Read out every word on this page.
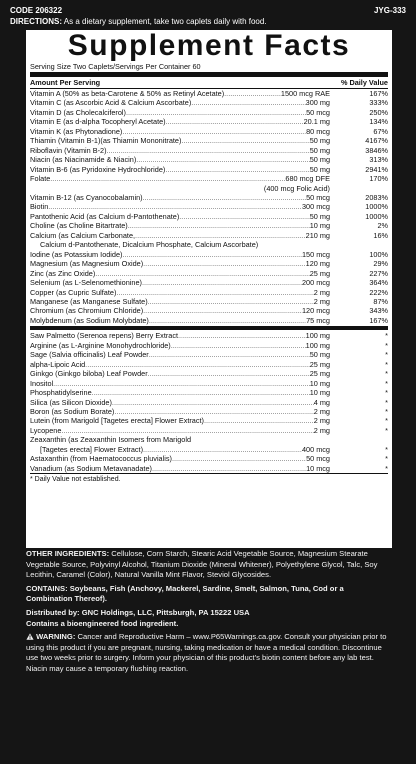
CODE 206322	JYG-333
DIRECTIONS: As a dietary supplement, take two caplets daily with food.
Supplement Facts
Serving Size Two Caplets/Servings Per Container 60
Amount Per Serving	% Daily Value
Vitamin A (50% as beta-Carotene & 50% as Retinyl Acetate) .....	1500 mcg RAE	167%
Vitamin C (as Ascorbic Acid & Calcium Ascorbate) .....	300 mg	333%
Vitamin D (as Cholecalciferol) .....	50 mcg	250%
Vitamin E (as d-alpha Tocopheryl Acetate) .....	20.1 mg	134%
Vitamin K (as Phytonadione) .....	80 mcg	67%
Thiamin (Vitamin B-1)(as Thiamin Mononitrate) .....	50 mg	4167%
Riboflavin (Vitamin B-2) .....	50 mg	3846%
Niacin (as Niacinamide & Niacin) .....	50 mg	313%
Vitamin B-6 (as Pyridoxine Hydrochloride) .....	50 mg	2941%
Folate .....	680 mcg DFE	170%
(400 mcg Folic Acid)
Vitamin B-12 (as Cyanocobalamin) .....	50 mcg	2083%
Biotin .....	300 mcg	1000%
Pantothenic Acid (as Calcium d-Pantothenate) .....	50 mg	1000%
Choline (as Choline Bitartrate) .....	10 mg	2%
Calcium (as Calcium Carbonate, .....	210 mg	16%
Calcium d-Pantothenate, Dicalcium Phosphate, Calcium Ascorbate)
Iodine (as Potassium Iodide) .....	150 mcg	100%
Magnesium (as Magnesium Oxide) .....	120 mg	29%
Zinc (as Zinc Oxide) .....	25 mg	227%
Selenium (as L-Selenomethionine) .....	200 mcg	364%
Copper (as Cupric Sulfate) .....	2 mg	222%
Manganese (as Manganese Sulfate) .....	2 mg	87%
Chromium (as Chromium Chloride) .....	120 mcg	343%
Molybdenum (as Sodium Molybdate) .....	75 mcg	167%
Saw Palmetto (Serenoa repens) Berry Extract .....	100 mg	*
Arginine (as L-Arginine Monohydrochloride) .....	100 mg	*
Sage (Salvia officinalis) Leaf Powder .....	50 mg	*
alpha-Lipoic Acid .....	25 mg	*
Ginkgo (Ginkgo biloba) Leaf Powder .....	25 mg	*
Inositol .....	10 mg	*
Phosphatidylserine .....	10 mg	*
Silica (as Silicon Dioxide) .....	4 mg	*
Boron (as Sodium Borate) .....	2 mg	*
Lutein (from Marigold [Tagetes erecta] Flower Extract) .....	2 mg	*
Lycopene .....	2 mg	*
Zeaxanthin (as Zeaxanthin Isomers from Marigold
[Tagetes erecta] Flower Extract) .....	400 mcg	*
Astaxanthin (from Haematococcus pluvialis) .....	50 mcg	*
Vanadium (as Sodium Metavanadate) .....	10 mcg	*
* Daily Value not established.

OTHER INGREDIENTS: Cellulose, Corn Starch, Stearic Acid Vegetable Source, Magnesium Stearate Vegetable Source, Polyvinyl Alcohol, Titanium Dioxide (Mineral Whitener), Polyethylene Glycol, Talc, Soy Lecithin, Caramel (Color), Natural Vanilla Mint Flavor, Steviol Glycosides.

CONTAINS: Soybeans, Fish (Anchovy, Mackerel, Sardine, Smelt, Salmon, Tuna, Cod or a Combination Thereof).

Distributed by: GNC Holdings, LLC, Pittsburgh, PA 15222 USA

Contains a bioengineered food ingredient.

WARNING: Cancer and Reproductive Harm – www.P65Warnings.ca.gov. Consult your physician prior to using this product if you are pregnant, nursing, taking medication or have a medical condition. Discontinue use two weeks prior to surgery. Inform your physician of this product's biotin content before any lab test. Niacin may cause a temporary flushing reaction.
